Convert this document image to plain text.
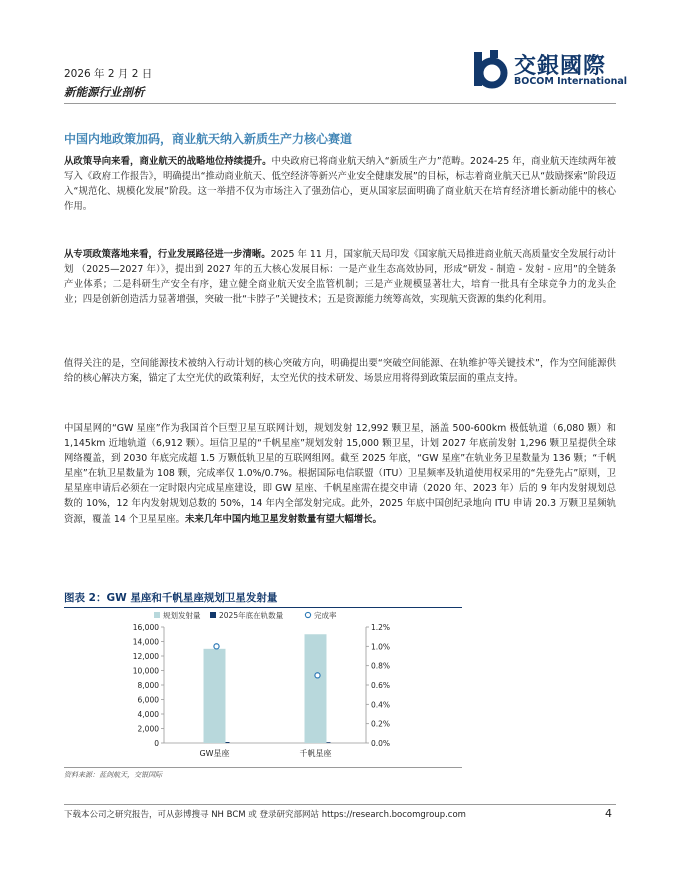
2026 年 2 月 2 日
新能源行业剖析
交銀國際
BOCOM International
中国内地政策加码，商业航天纳入新质生产力核心赛道
从政策导向来看，商业航天的战略地位持续提升。中央政府已将商业航天纳入“新质生产力”范畴。2024-25 年，商业航天连续两年被写入《政府工作报告》，明确提出“推动商业航天、低空经济等新兴产业安全健康发展”的目标，标志着商业航天已从“鼓励探索”阶段迈入“规范化、规模化发展”阶段。这一举措不仅为市场注入了强劲信心，更从国家层面明确了商业航天在培育经济增长新动能中的核心作用。
从专项政策落地来看，行业发展路径进一步清晰。2025 年 11 月，国家航天局印发《国家航天局推进商业航天高质量安全发展行动计划 （2025—2027 年）》，提出到 2027 年的五大核心发展目标：一是产业生态高效协同，形成“研发 - 制造 - 发射 - 应用”的全链条产业体系；二是科研生产安全有序，建立健全商业航天安全监管机制；三是产业规模显著壮大，培育一批具有全球竞争力的龙头企业；四是创新创造活力显著增强，突破一批“卡脖子”关键技术；五是资源能力统筹高效，实现航天资源的集约化利用。
值得关注的是，空间能源技术被纳入行动计划的核心突破方向，明确提出要“突破空间能源、在轨维护等关键技术”，作为空间能源供给的核心解决方案，锚定了太空光伏的政策利好，太空光伏的技术研发、场景应用将得到政策层面的重点支持。
中国星网的“GW 星座”作为我国首个巨型卫星互联网计划，规划发射 12,992 颗卫星，涵盖 500-600km 极低轨道（6,080 颗）和 1,145km 近地轨道（6,912 颗）。垣信卫星的“千帆星座”规划发射 15,000 颗卫星，计划 2027 年底前发射 1,296 颗卫星提供全球网络覆盖，到 2030 年底完成超 1.5 万颗低轨卫星的互联网组网。截至 2025 年底，“GW 星座”在轨业务卫星数量为 136 颗；“千帆星座”在轨卫星数量为 108 颗，完成率仅 1.0%/0.7%。根据国际电信联盟（ITU）卫星频率及轨道使用权采用的“先登先占”原则，卫星星座申请后必须在一定时限内完成星座建设，即 GW 星座、千帆星座需在提交申请（2020 年、2023 年）后的 9 年内发射规划总数的 10%，12 年内发射规划总数的 50%，14 年内全部发射完成。此外，2025 年底中国创纪录地向 ITU 申请 20.3 万颗卫星频轨资源，覆盖 14 个卫星星座。未来几年中国内地卫星发射数量有望大幅增长。
图表 2：GW 星座和千帆星座规划卫星发射量
0
2,000
4,000
6,000
8,000
10,000
12,000
14,000
16,000
0.0%
0.2%
0.4%
0.6%
0.8%
1.0%
1.2%
GW星座	千帆星座
规划发射量 2025年底在轨数量	完成率
资料来源：蓝剑航天，交银国际
下载本公司之研究报告，可从彭博搜寻 NH BCM 或 登录研究部网站 https://research.bocomgroup.com	4
